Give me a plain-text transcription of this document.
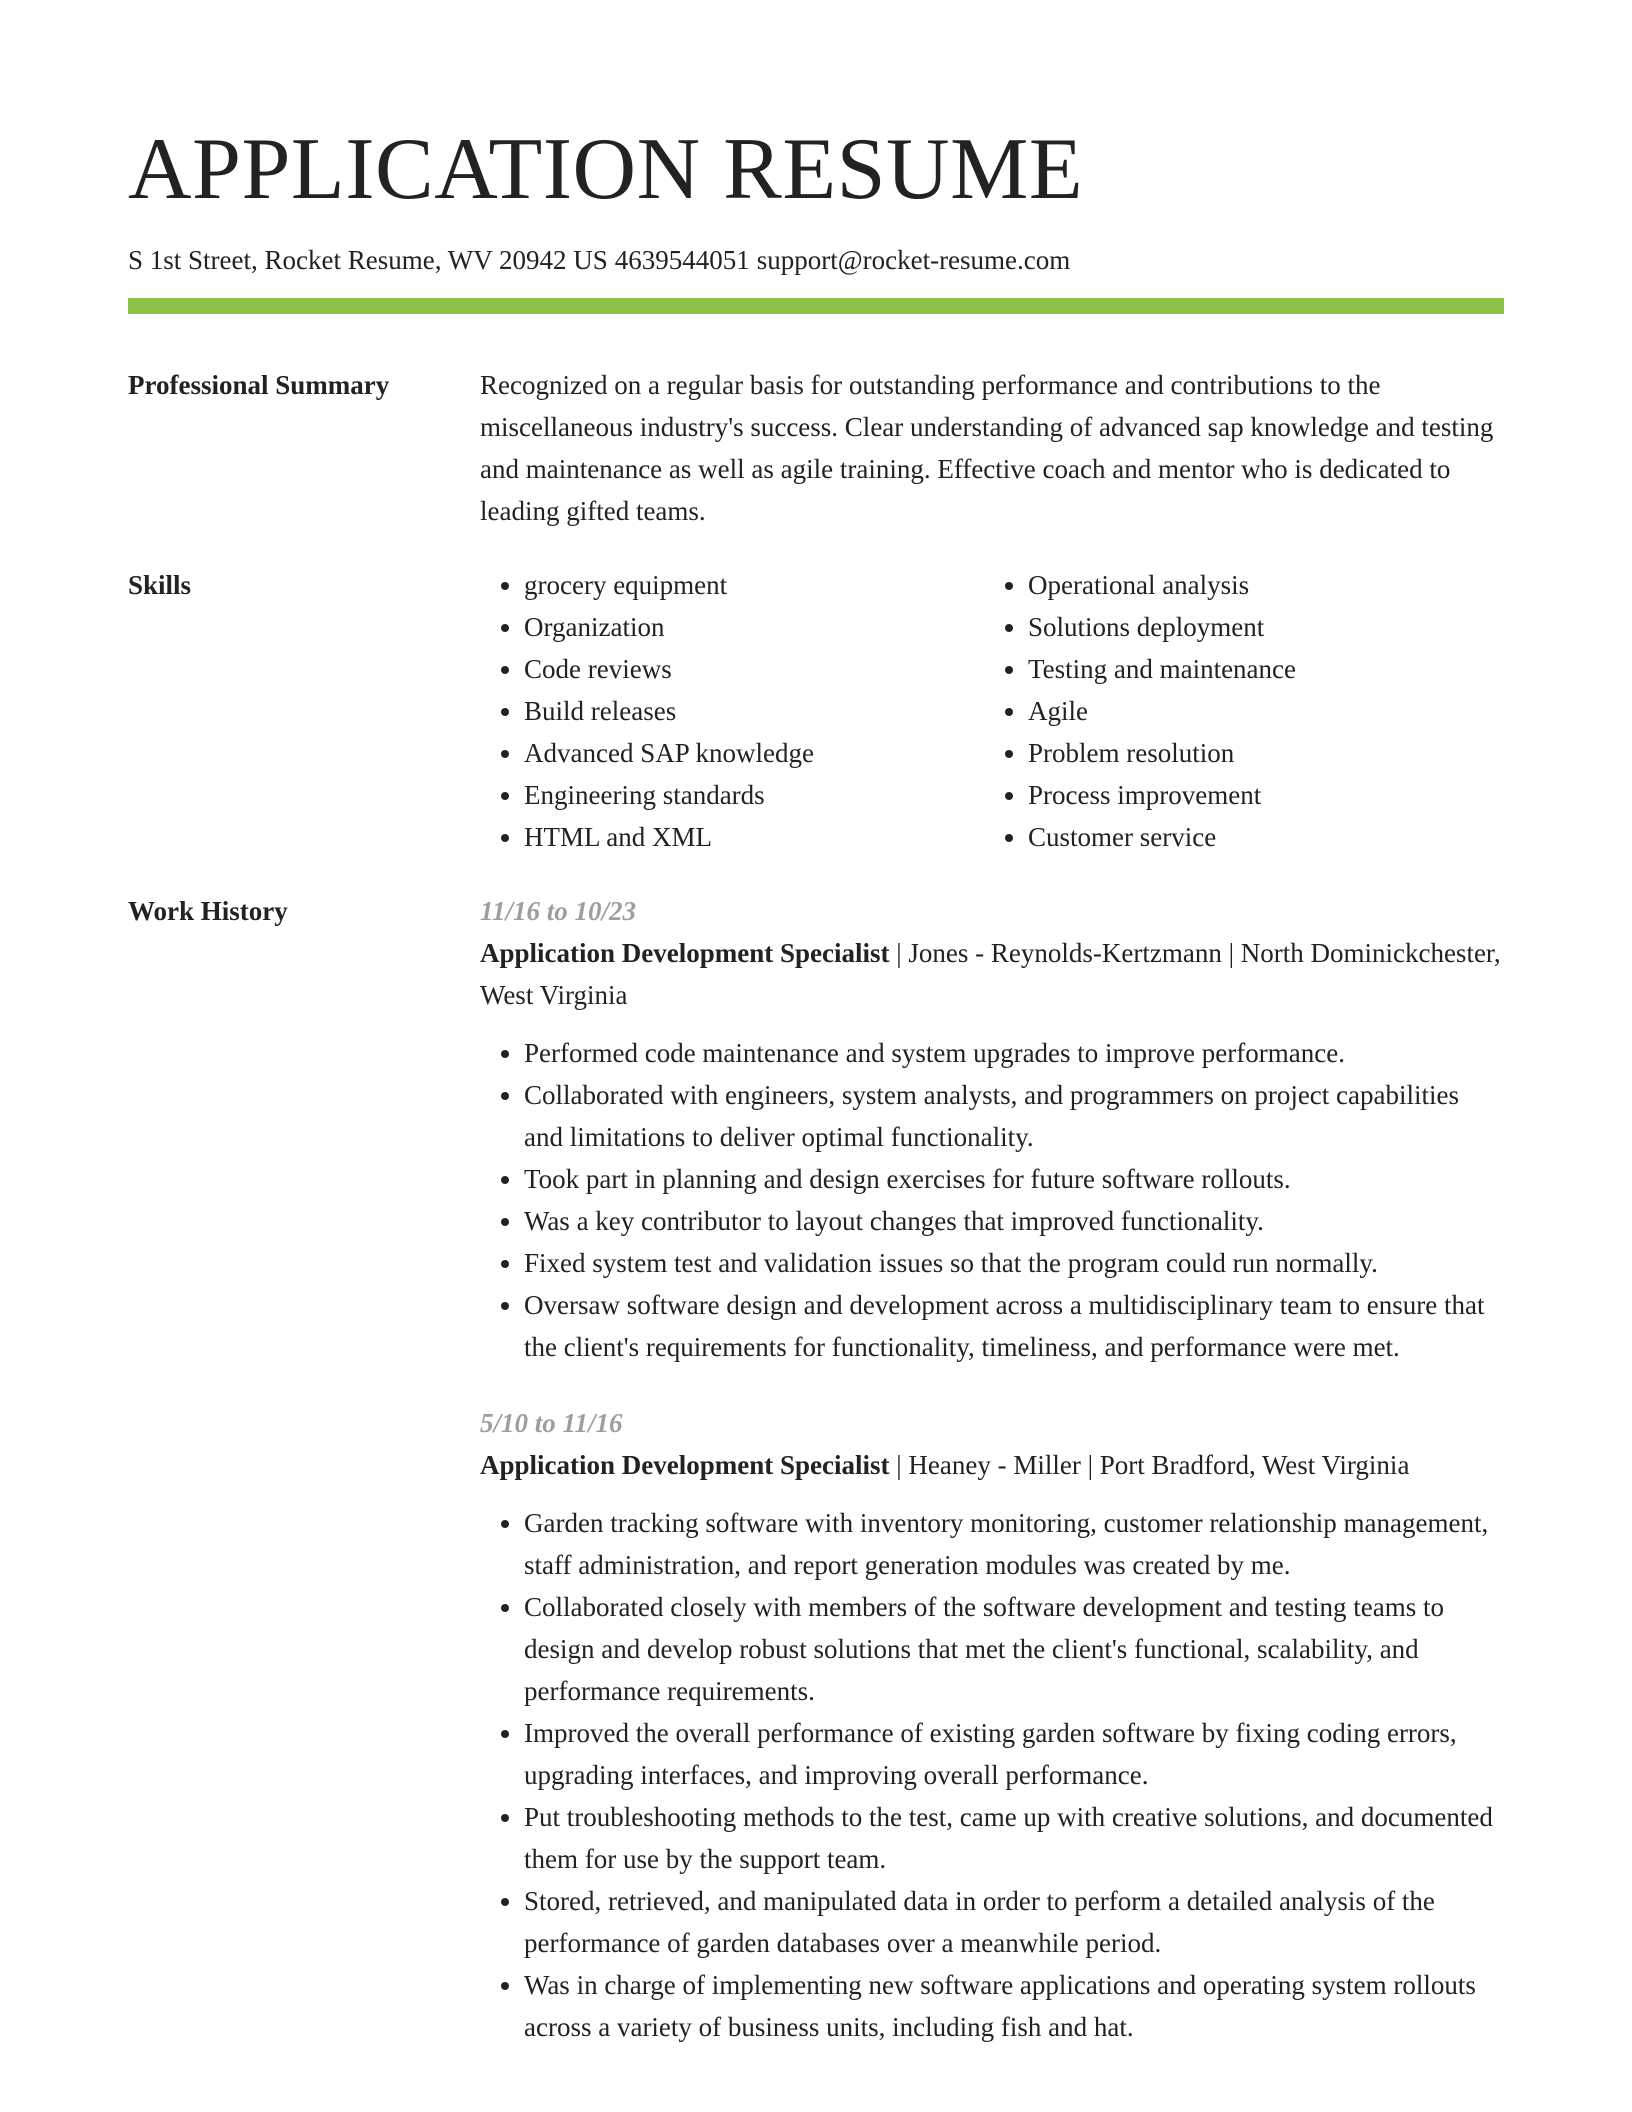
APPLICATION RESUME
S 1st Street, Rocket Resume, WV 20942 US 4639544051 support@rocket-resume.com
Professional Summary	Recognized on a regular basis for outstanding performance and contributions to the miscellaneous industry's success. Clear understanding of advanced sap knowledge and testing and maintenance as well as agile training. Effective coach and mentor who is dedicated to leading gifted teams.

Skills
•	grocery equipment
• Organization
• Code reviews
• Build releases
• Advanced SAP knowledge
• Engineering standards
• HTML and XML
• Operational analysis
• Solutions deployment
• Testing and maintenance
• Agile
• Problem resolution
• Process improvement
• Customer service
Work History	11/16 to 10/23
Application Development Specialist | Jones - Reynolds-Kertzmann | North Dominickchester, West Virginia
• Performed code maintenance and system upgrades to improve performance.
• Collaborated with engineers, system analysts, and programmers on project capabilities and limitations to deliver optimal functionality.
• Took part in planning and design exercises for future software rollouts.
• Was a key contributor to layout changes that improved functionality.
• Fixed system test and validation issues so that the program could run normally.
• Oversaw software design and development across a multidisciplinary team to ensure that the client's requirements for functionality, timeliness, and performance were met.
5/10 to 11/16
Application Development Specialist | Heaney - Miller | Port Bradford, West Virginia
• Garden tracking software with inventory monitoring, customer relationship management, staff administration, and report generation modules was created by me.
• Collaborated closely with members of the software development and testing teams to design and develop robust solutions that met the client's functional, scalability, and performance requirements.
• Improved the overall performance of existing garden software by fixing coding errors, upgrading interfaces, and improving overall performance.
• Put troubleshooting methods to the test, came up with creative solutions, and documented them for use by the support team.
• Stored, retrieved, and manipulated data in order to perform a detailed analysis of the performance of garden databases over a meanwhile period.
• Was in charge of implementing new software applications and operating system rollouts across a variety of business units, including fish and hat.
